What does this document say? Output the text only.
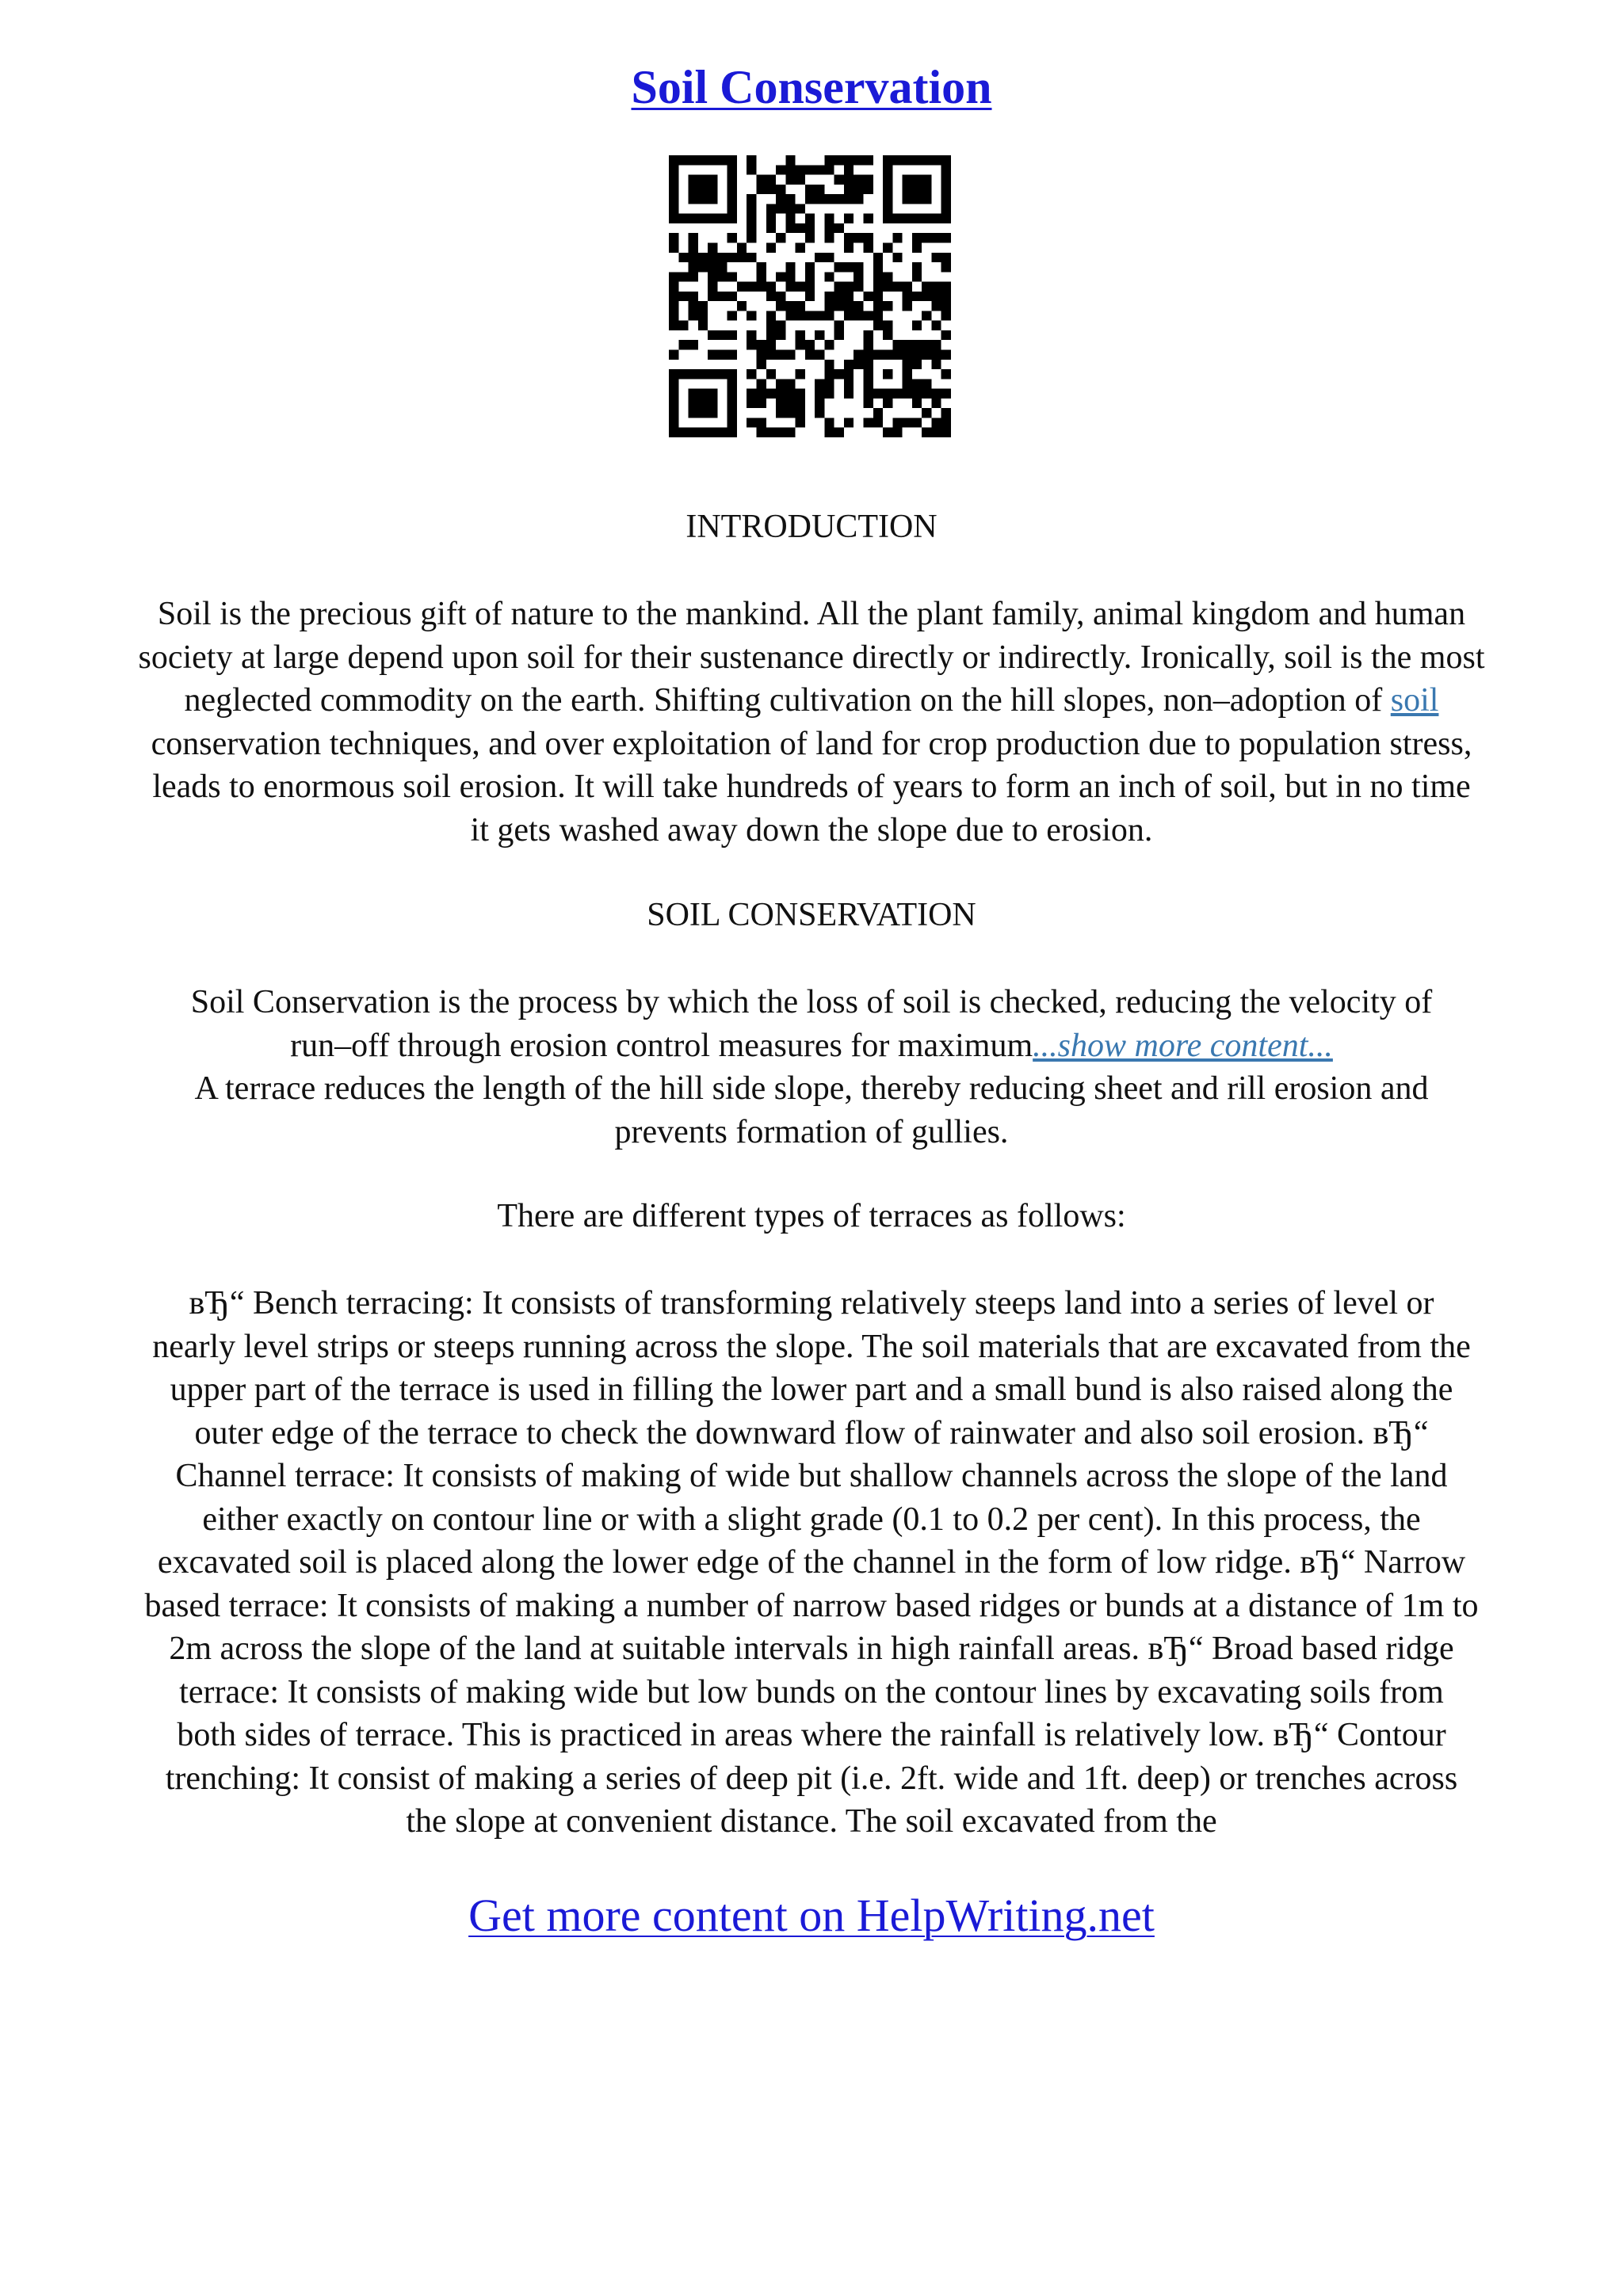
Soil Conservation
INTRODUCTION
Soil is the precious gift of nature to the mankind. All the plant family, animal kingdom and human
society at large depend upon soil for their sustenance directly or indirectly. Ironically, soil is the most
neglected commodity on the earth. Shifting cultivation on the hill slopes, non–adoption of soil
conservation techniques, and over exploitation of land for crop production due to population stress,
leads to enormous soil erosion. It will take hundreds of years to form an inch of soil, but in no time
it gets washed away down the slope due to erosion.
SOIL CONSERVATION
Soil Conservation is the process by which the loss of soil is checked, reducing the velocity of
run–off through erosion control measures for maximum...show more content...
A terrace reduces the length of the hill side slope, thereby reducing sheet and rill erosion and
prevents formation of gullies.
There are different types of terraces as follows:
вЂ“ Bench terracing: It consists of transforming relatively steeps land into a series of level or
nearly level strips or steeps running across the slope. The soil materials that are excavated from the
upper part of the terrace is used in filling the lower part and a small bund is also raised along the
outer edge of the terrace to check the downward flow of rainwater and also soil erosion. вЂ“
Channel terrace: It consists of making of wide but shallow channels across the slope of the land
either exactly on contour line or with a slight grade (0.1 to 0.2 per cent). In this process, the
excavated soil is placed along the lower edge of the channel in the form of low ridge. вЂ“ Narrow
based terrace: It consists of making a number of narrow based ridges or bunds at a distance of 1m to
2m across the slope of the land at suitable intervals in high rainfall areas. вЂ“ Broad based ridge
terrace: It consists of making wide but low bunds on the contour lines by excavating soils from
both sides of terrace. This is practiced in areas where the rainfall is relatively low. вЂ“ Contour
trenching: It consist of making a series of deep pit (i.e. 2ft. wide and 1ft. deep) or trenches across
the slope at convenient distance. The soil excavated from the
Get more content on HelpWriting.net
